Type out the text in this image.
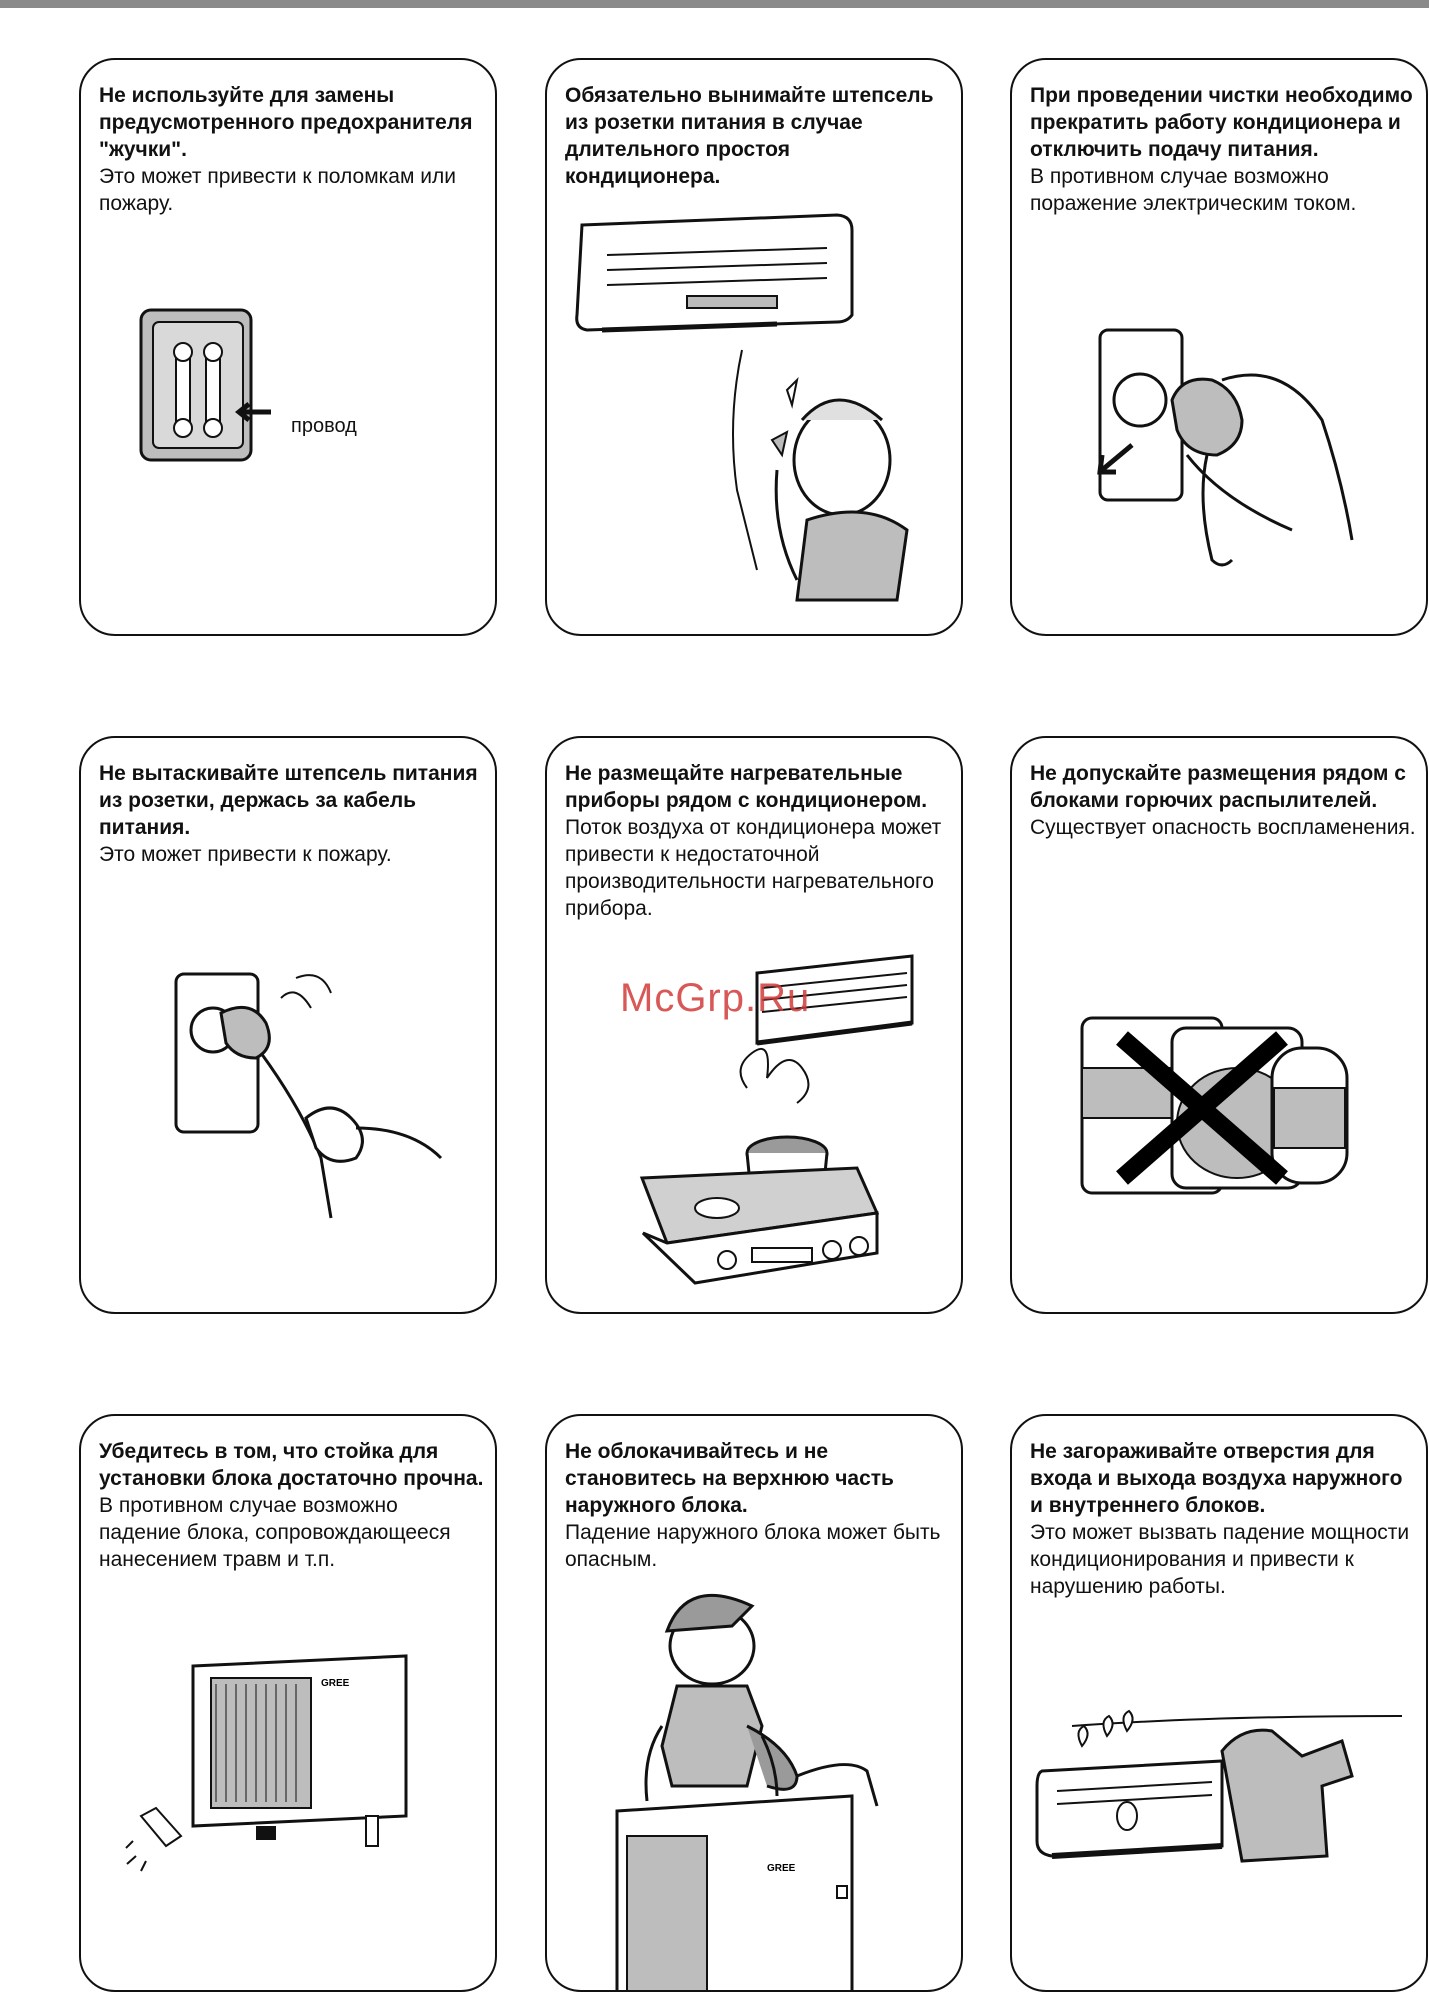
Не используйте для замены предусмотренного предохранителя "жучки".
Это может привести к поломкам или пожару.
провод
Обязательно вынимайте штепсель из розетки питания в случае длительного простоя кондиционера.
При проведении чистки необходимо прекратить работу кондиционера и отключить подачу питания.
В противном случае возможно поражение электрическим током.
Не вытаскивайте штепсель питания из розетки, держась за кабель питания.
Это может привести к пожару.
Не размещайте нагревательные приборы рядом с кондиционером.
Поток воздуха от кондиционера может привести к недостаточной производительности нагревательного прибора.
Не допускайте размещения рядом с блоками горючих распылителей.
Существует опасность воспламенения.
GREE
Убедитесь в том, что стойка для установки блока достаточно прочна.
В противном случае возможно падение блока, сопровождающееся нанесением травм и т.п.
GREE
Не облокачивайтесь и не становитесь на верхнюю часть наружного блока.
Падение наружного блока может быть опасным.
Не загораживайте отверстия для входа и выхода воздуха наружного и внутреннего блоков.
Это может вызвать падение мощности кондиционирования и привести к нарушению работы.
McGrp.Ru
